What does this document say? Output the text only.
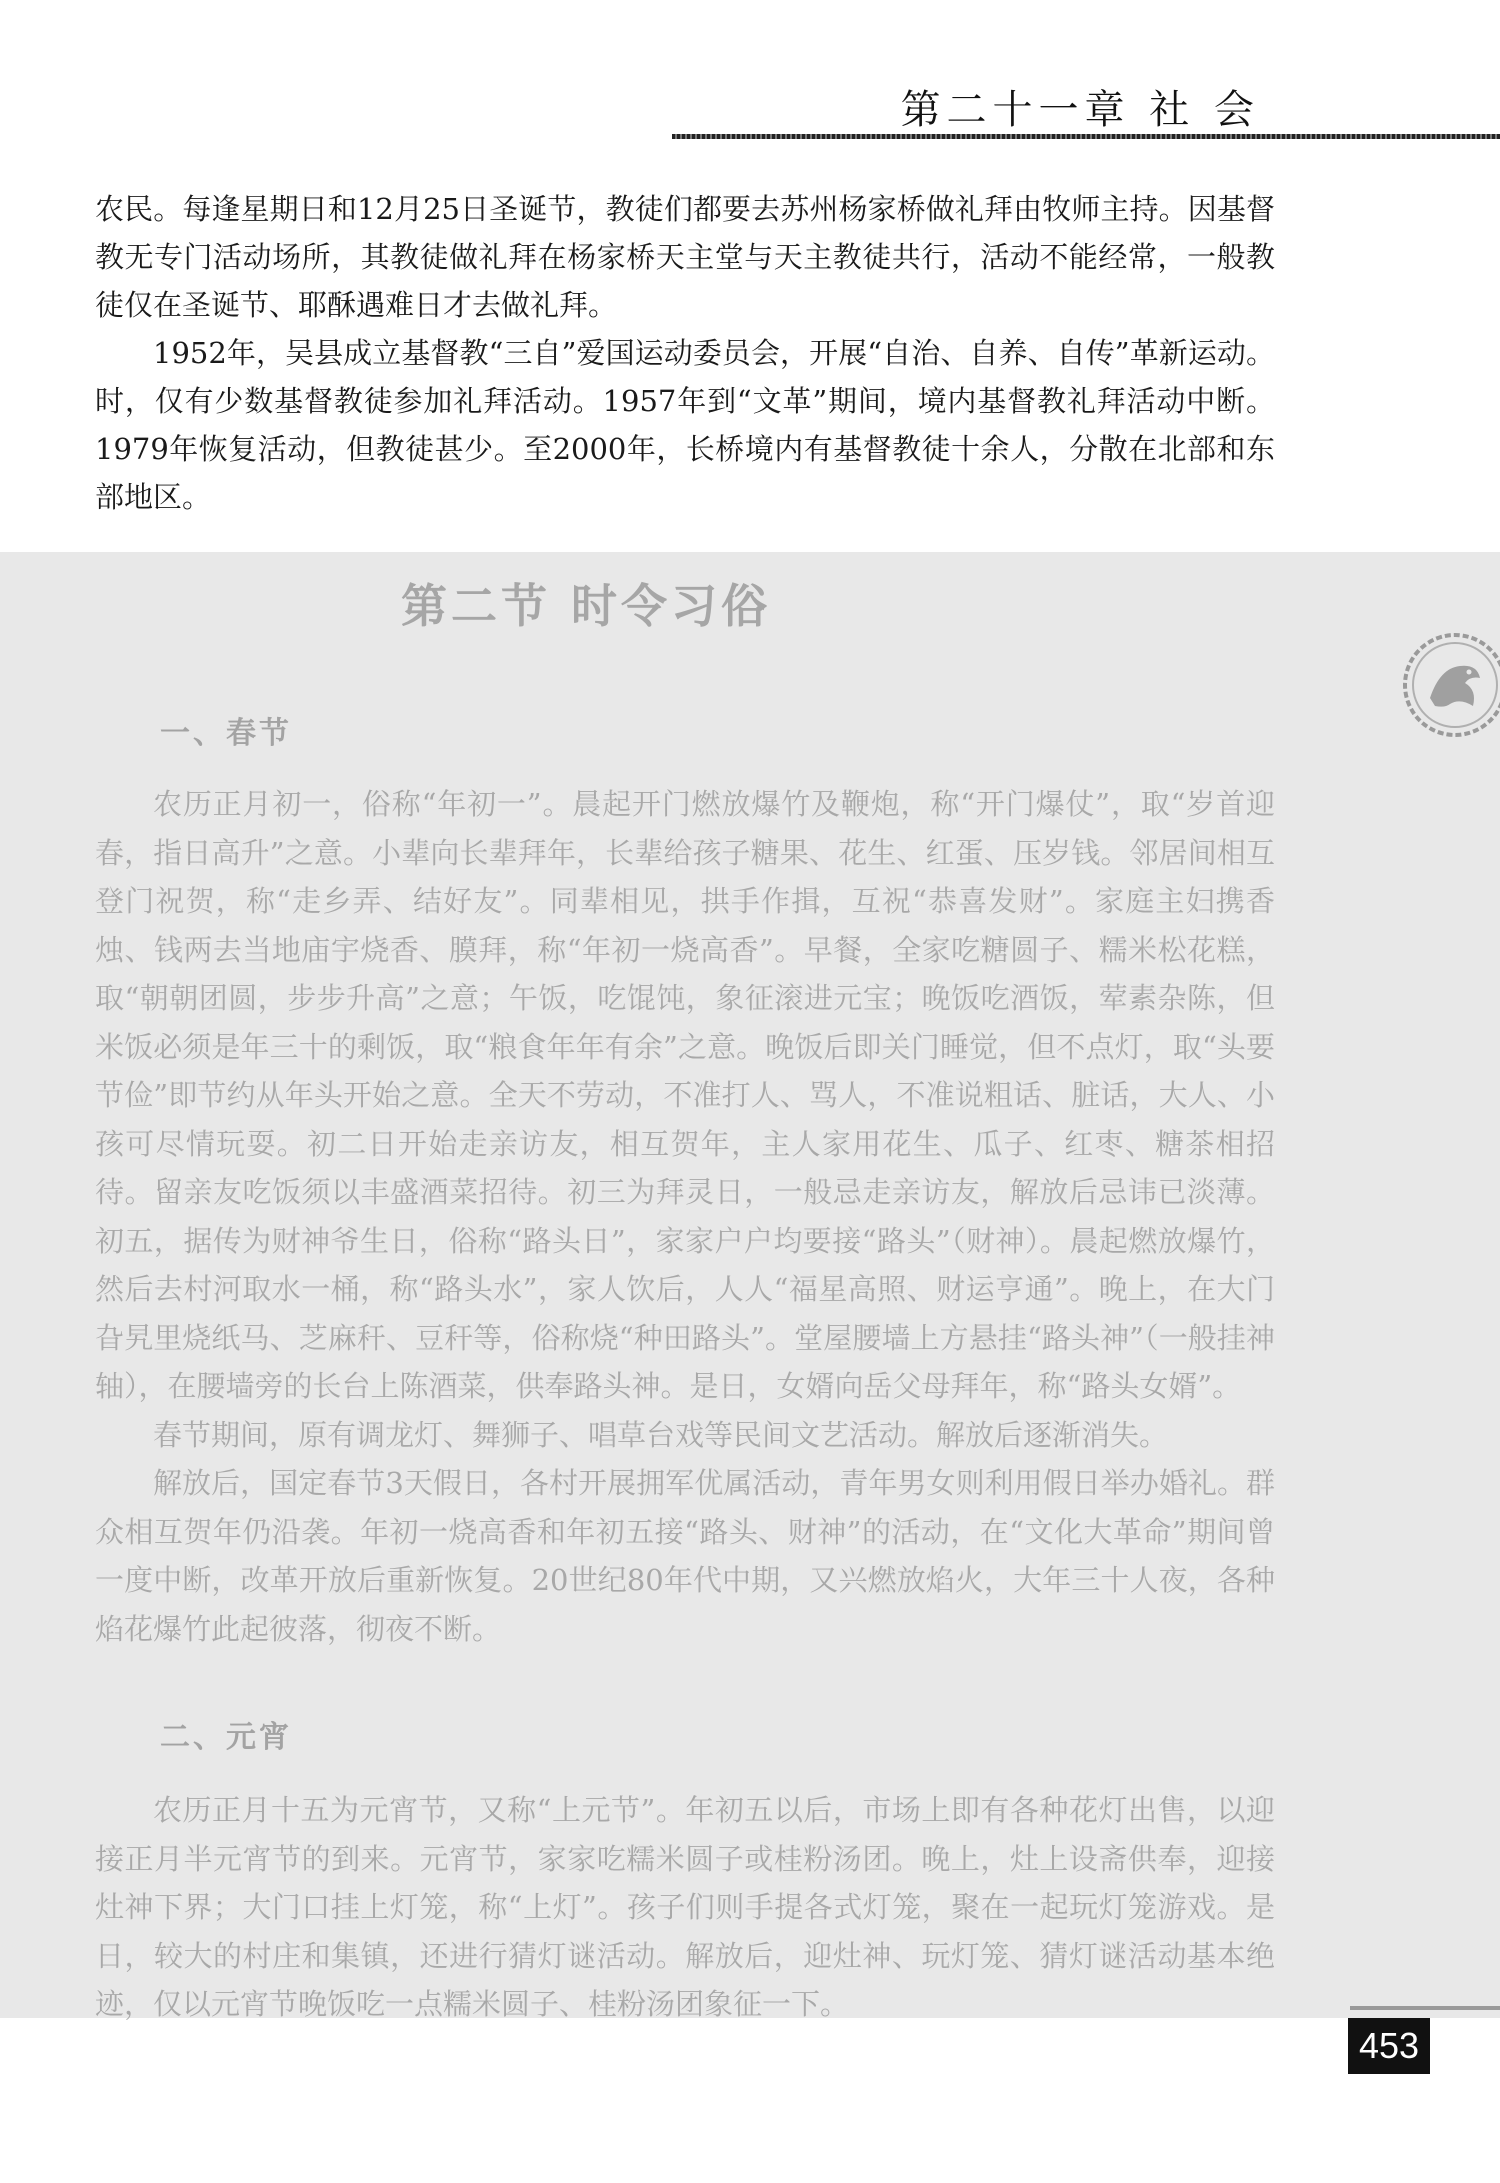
第二十一章 社 会

农民。每逢星期日和12月25日圣诞节，教徒们都要去苏州杨家桥做礼拜由牧师主持。因基督教无专门活动场所，其教徒做礼拜在杨家桥天主堂与天主教徒共行，活动不能经常，一般教徒仅在圣诞节、耶酥遇难日才去做礼拜。

1952年，吴县成立基督教“三自”爱国运动委员会，开展“自治、自养、自传”革新运动。时，仅有少数基督教徒参加礼拜活动。1957年到“文革”期间，境内基督教礼拜活动中断。1979年恢复活动，但教徒甚少。至2000年，长桥境内有基督教徒十余人，分散在北部和东部地区。

第二节 时令习俗
一、春节

农历正月初一，俗称“年初一”。晨起开门燃放爆竹及鞭炮，称“开门爆仗”，取“岁首迎春，指日高升”之意。小辈向长辈拜年，长辈给孩子糖果、花生、红蛋、压岁钱。邻居间相互登门祝贺，称“走乡弄、结好友”。同辈相见，拱手作揖，互祝“恭喜发财”。家庭主妇携香烛、钱两去当地庙宇烧香、膜拜，称“年初一烧高香”。早餐，全家吃糖圆子、糯米松花糕，取“朝朝团圆，步步升高”之意；午饭，吃馄饨，象征滚进元宝；晚饭吃酒饭，荤素杂陈，但米饭必须是年三十的剩饭，取“粮食年年有余”之意。晚饭后即关门睡觉，但不点灯，取“头要节俭”即节约从年头开始之意。全天不劳动，不准打人、骂人，不准说粗话、脏话，大人、小孩可尽情玩耍。初二日开始走亲访友，相互贺年，主人家用花生、瓜子、红枣、糖茶相招待。留亲友吃饭须以丰盛酒菜招待。初三为拜灵日，一般忌走亲访友，解放后忌讳已淡薄。初五，据传为财神爷生日，俗称“路头日”，家家户户均要接“路头”（财神）。晨起燃放爆竹，然后去村河取水一桶，称“路头水”，家人饮后，人人“福星高照、财运亨通”。晚上，在大门旮旯里烧纸马、芝麻秆、豆秆等，俗称烧“种田路头”。堂屋腰墙上方悬挂“路头神”（一般挂神轴），在腰墙旁的长台上陈酒菜，供奉路头神。是日，女婿向岳父母拜年，称“路头女婿”。

春节期间，原有调龙灯、舞狮子、唱草台戏等民间文艺活动。解放后逐渐消失。

解放后，国定春节3天假日，各村开展拥军优属活动，青年男女则利用假日举办婚礼。群众相互贺年仍沿袭。年初一烧高香和年初五接“路头、财神”的活动，在“文化大革命”期间曾一度中断，改革开放后重新恢复。20世纪80年代中期，又兴燃放焰火，大年三十人夜，各种焰花爆竹此起彼落，彻夜不断。

二、元宵

农历正月十五为元宵节，又称“上元节”。年初五以后，市场上即有各种花灯出售，以迎接正月半元宵节的到来。元宵节，家家吃糯米圆子或桂粉汤团。晚上，灶上设斋供奉，迎接灶神下界；大门口挂上灯笼，称“上灯”。孩子们则手提各式灯笼，聚在一起玩灯笼游戏。是日，较大的村庄和集镇，还进行猜灯谜活动。解放后，迎灶神、玩灯笼、猜灯谜活动基本绝迹，仅以元宵节晚饭吃一点糯米圆子、桂粉汤团象征一下。

453
